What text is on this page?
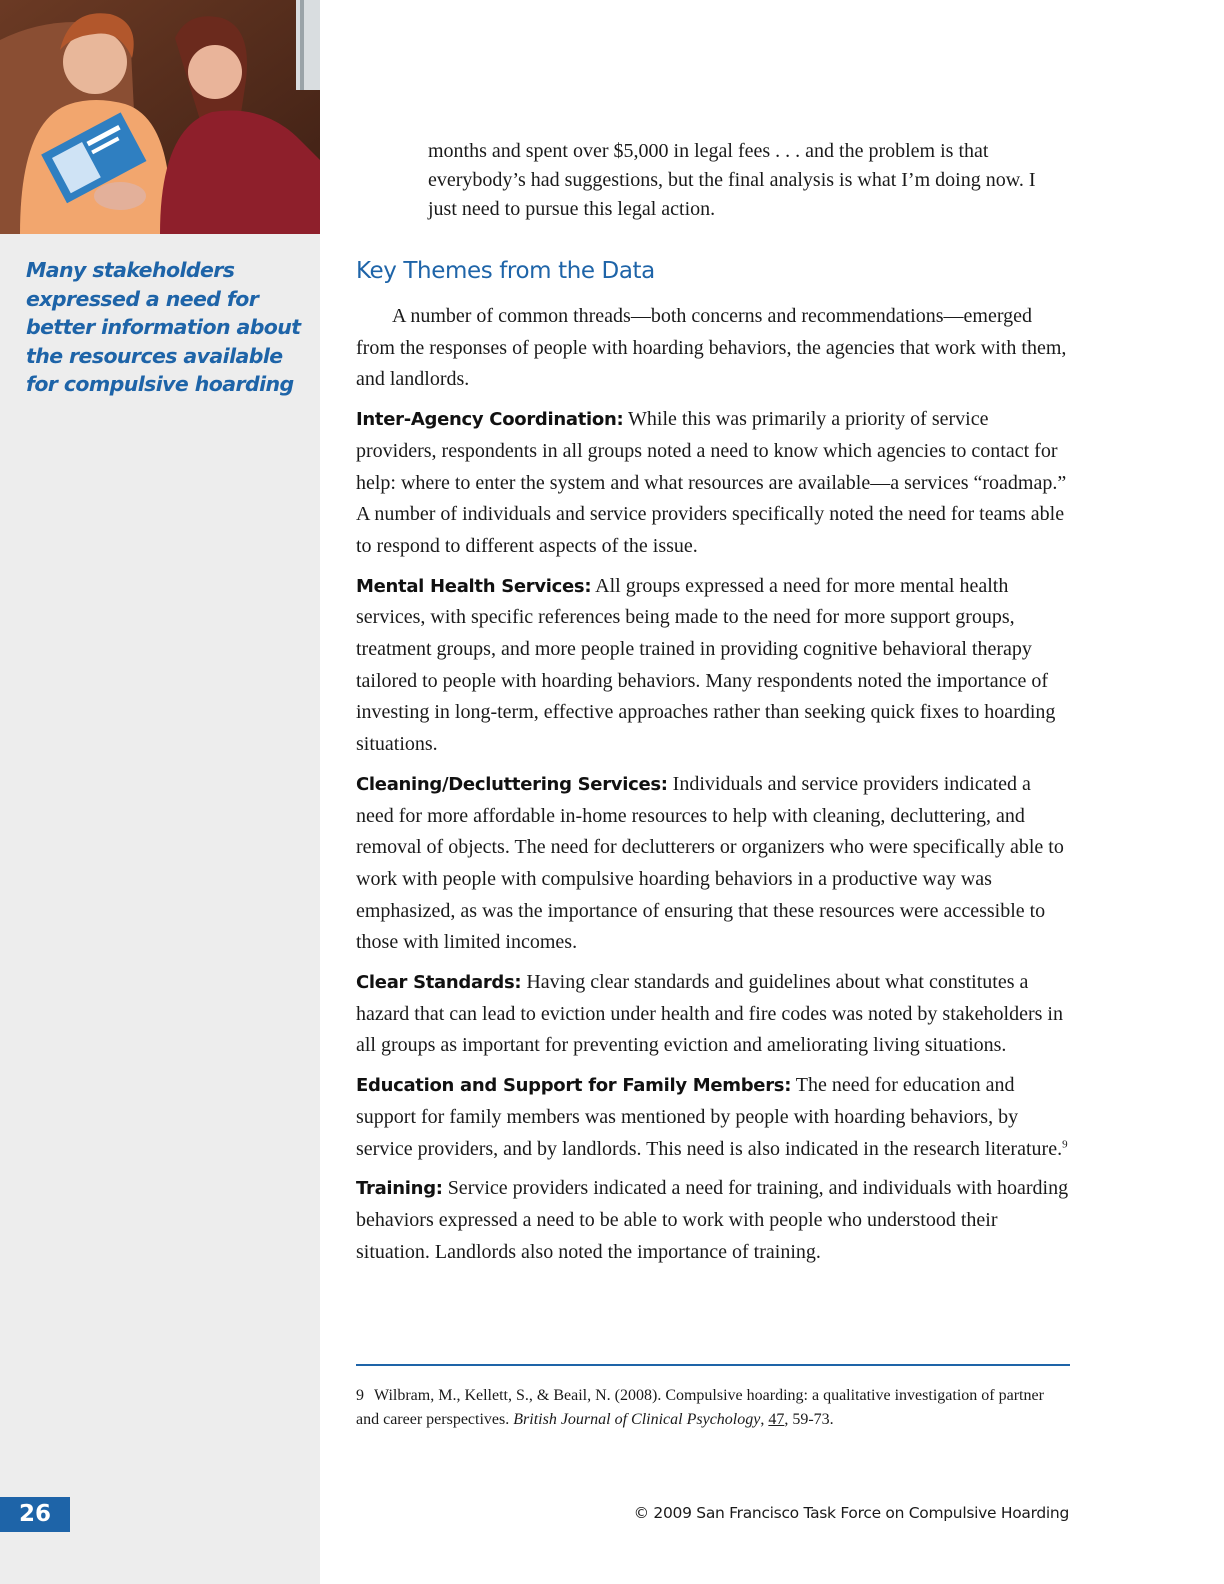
Many stakeholders expressed a need for better information about the resources available for compulsive hoarding

26

months and spent over $5,000 in legal fees . . . and the problem is that everybody’s had suggestions, but the final analysis is what I’m doing now. I just need to pursue this legal action.

Key Themes from the Data

A number of common threads—both concerns and recommendations—emerged from the responses of people with hoarding behaviors, the agencies that work with them, and landlords.

Inter-Agency Coordination: While this was primarily a priority of service providers, respondents in all groups noted a need to know which agencies to contact for help: where to enter the system and what resources are available—a services “roadmap.” A number of individuals and service providers specifically noted the need for teams able to respond to different aspects of the issue.

Mental Health Services: All groups expressed a need for more mental health services, with specific references being made to the need for more support groups, treatment groups, and more people trained in providing cognitive behavioral therapy tailored to people with hoarding behaviors. Many respondents noted the importance of investing in long-term, effective approaches rather than seeking quick fixes to hoarding situations.

Cleaning/Decluttering Services: Individuals and service providers indicated a need for more affordable in-home resources to help with cleaning, decluttering, and removal of objects. The need for declutterers or organizers who were specifically able to work with people with compulsive hoarding behaviors in a productive way was emphasized, as was the importance of ensuring that these resources were accessible to those with limited incomes.

Clear Standards: Having clear standards and guidelines about what constitutes a hazard that can lead to eviction under health and fire codes was noted by stakeholders in all groups as important for preventing eviction and ameliorating living situations.

Education and Support for Family Members: The need for education and support for family members was mentioned by people with hoarding behaviors, by service providers, and by landlords. This need is also indicated in the research literature.$^9$

Training: Service providers indicated a need for training, and individuals with hoarding behaviors expressed a need to be able to work with people who understood their situation. Landlords also noted the importance of training.

9 Wilbram, M., Kellett, S., & Beail, N. (2008). Compulsive hoarding: a qualitative investigation of partner and career perspectives. British Journal of Clinical Psychology, 47, 59-73.

© 2009 San Francisco Task Force on Compulsive Hoarding
